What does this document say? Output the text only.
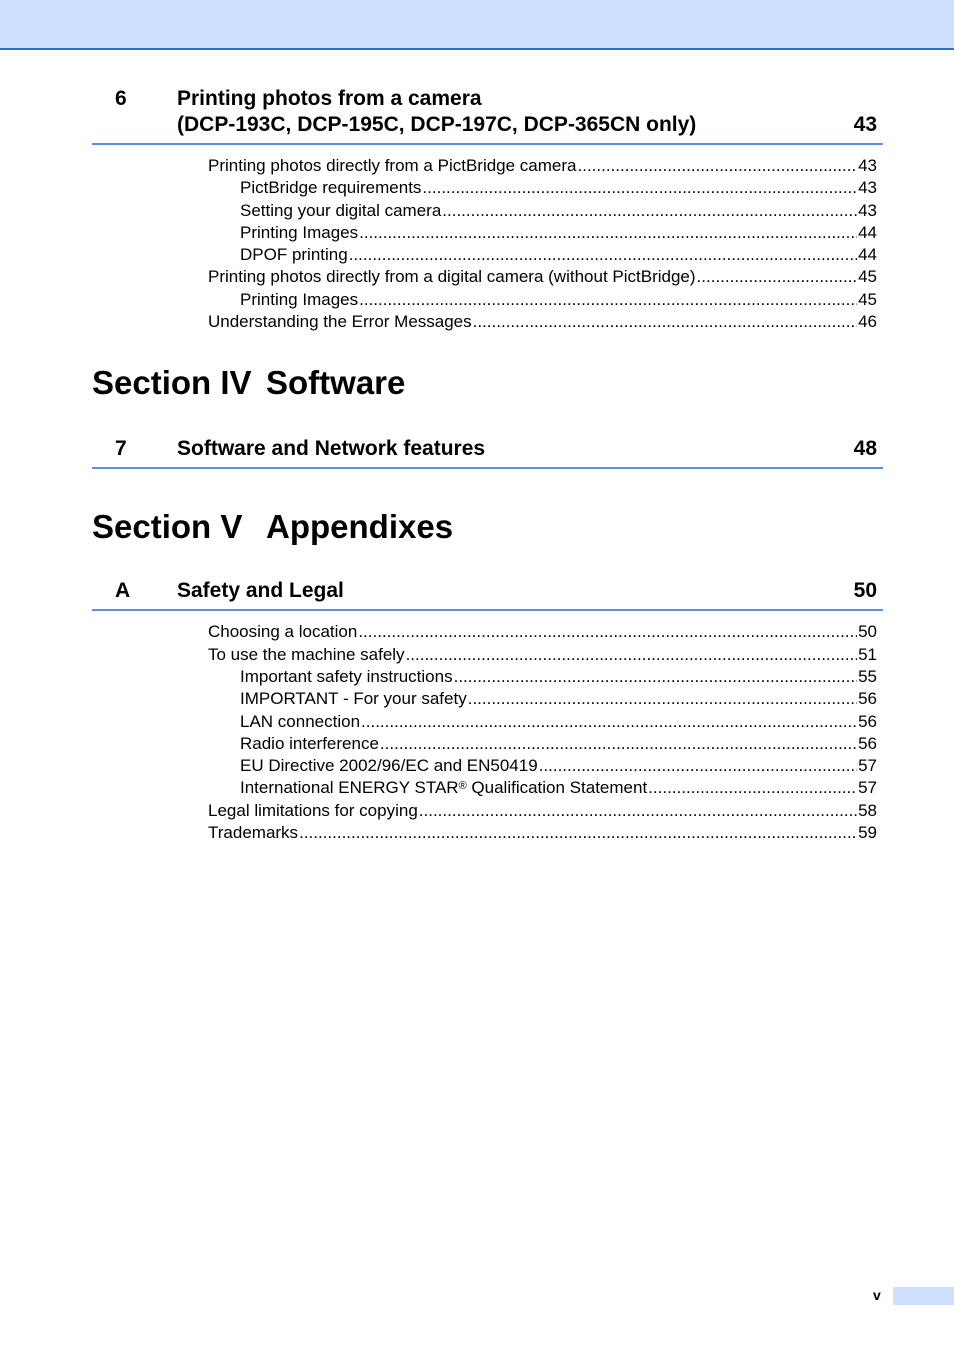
6 Printing photos from a camera
(DCP-193C, DCP-195C, DCP-197C, DCP-365CN only)	43
Printing photos directly from a PictBridge camera .....	43
PictBridge requirements .....	43
Setting your digital camera .....	43
Printing Images .....	44
DPOF printing .....	44
Printing photos directly from a digital camera (without PictBridge) .....	45
Printing Images .....	45
Understanding the Error Messages .....	46
Section IV Software
7 Software and Network features	48
Section V Appendixes
A Safety and Legal	50
Choosing a location .....	50
To use the machine safely .....	51
Important safety instructions .....	55
IMPORTANT - For your safety .....	56
LAN connection .....	56
Radio interference .....	56
EU Directive 2002/96/EC and EN50419 .....	57
International ENERGY STAR® Qualification Statement .....	57
Legal limitations for copying .....	58
Trademarks .....	59
v
